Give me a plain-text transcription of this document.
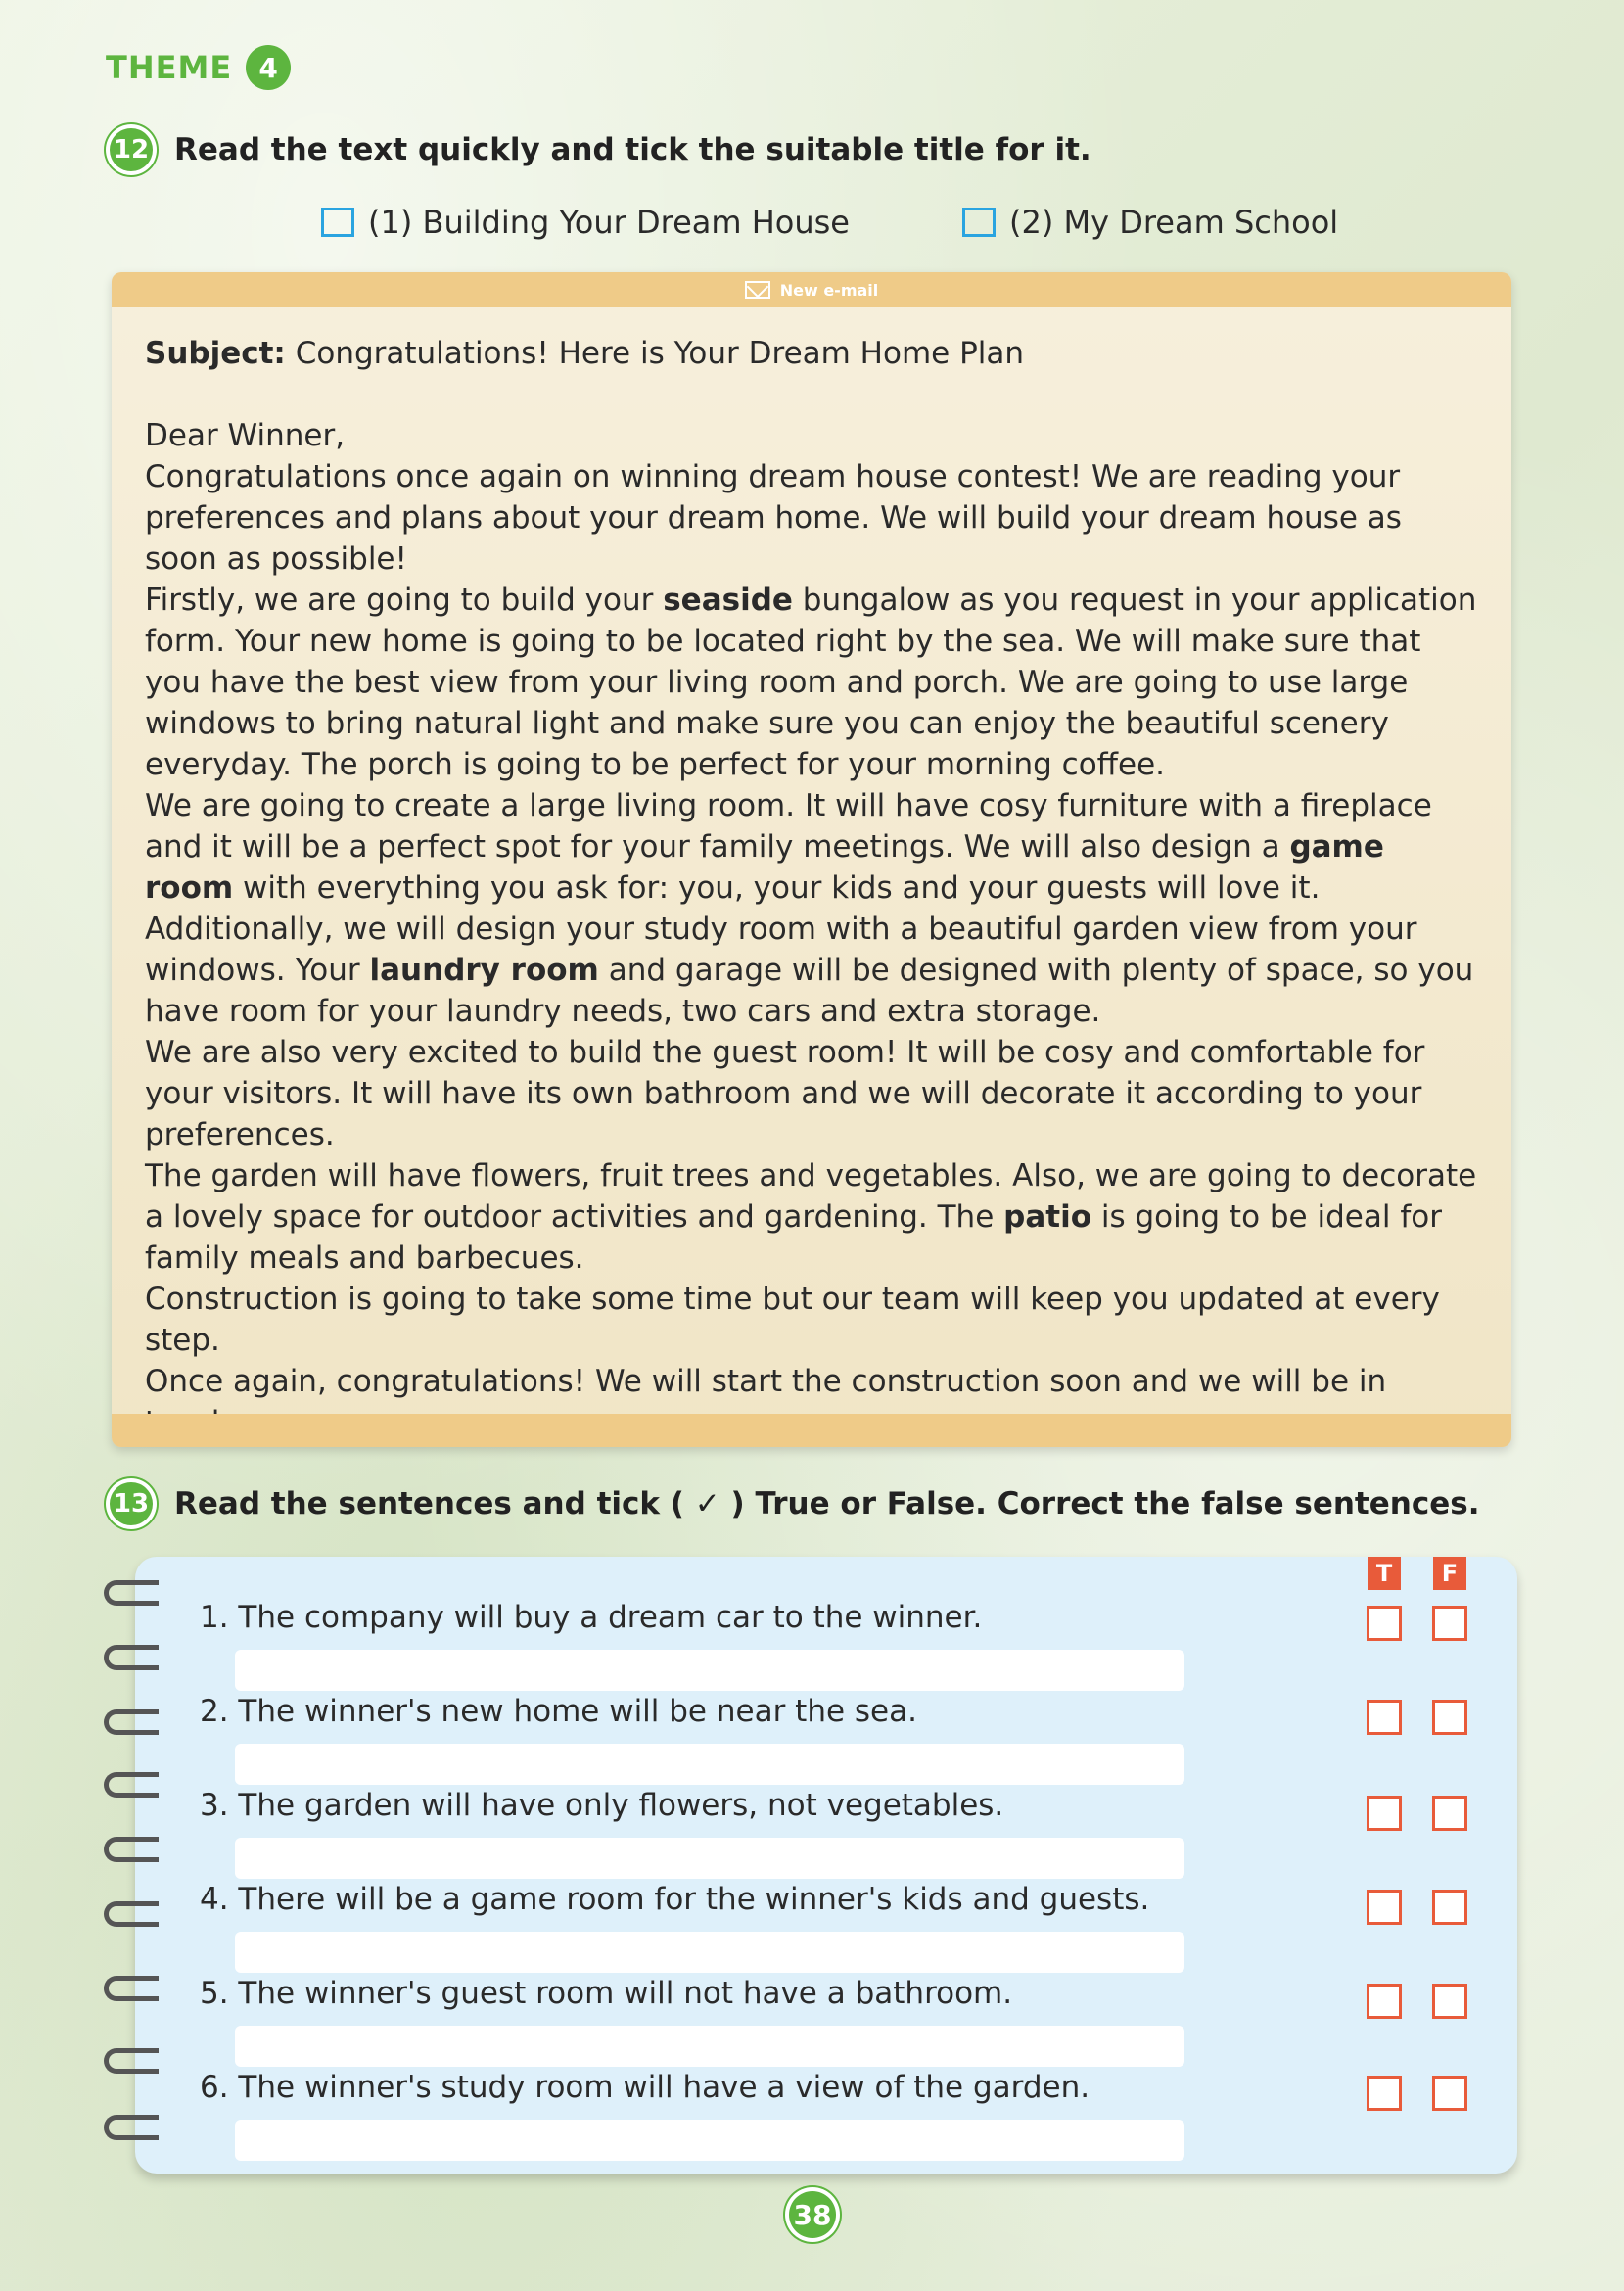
THEME 4
12 Read the text quickly and tick the suitable title for it.
(1) Building Your Dream House	(2) My Dream School
New e-mail

Subject: Congratulations! Here is Your Dream Home Plan

Dear Winner,

Congratulations once again on winning dream house contest! We are reading your preferences and plans about your dream home. We will build your dream house as soon as possible!

Firstly, we are going to build your seaside bungalow as you request in your application form. Your new home is going to be located right by the sea. We will make sure that you have the best view from your living room and porch. We are going to use large windows to bring natural light and make sure you can enjoy the beautiful scenery everyday. The porch is going to be perfect for your morning coffee.

We are going to create a large living room. It will have cosy furniture with a fireplace and it will be a perfect spot for your family meetings. We will also design a game room with everything you ask for: you, your kids and your guests will love it.

Additionally, we will design your study room with a beautiful garden view from your windows. Your laundry room and garage will be designed with plenty of space, so you have room for your laundry needs, two cars and extra storage.

We are also very excited to build the guest room! It will be cosy and comfortable for your visitors. It will have its own bathroom and we will decorate it according to your preferences.

The garden will have flowers, fruit trees and vegetables. Also, we are going to decorate a lovely space for outdoor activities and gardening. The patio is going to be ideal for family meals and barbecues.

Construction is going to take some time but our team will keep you updated at every step.

Once again, congratulations! We will start the construction soon and we will be in

13 Read the sentences and tick ( ✓ ) True or False. Correct the false sentences.
T	F
1. The company will buy a dream car to the winner.
2. The winner's new home will be near the sea.
3. The garden will have only flowers, not vegetables.
4. There will be a game room for the winner's kids and guests.
5. The winner's guest room will not have a bathroom.
6. The winner's study room will have a view of the garden.
38
